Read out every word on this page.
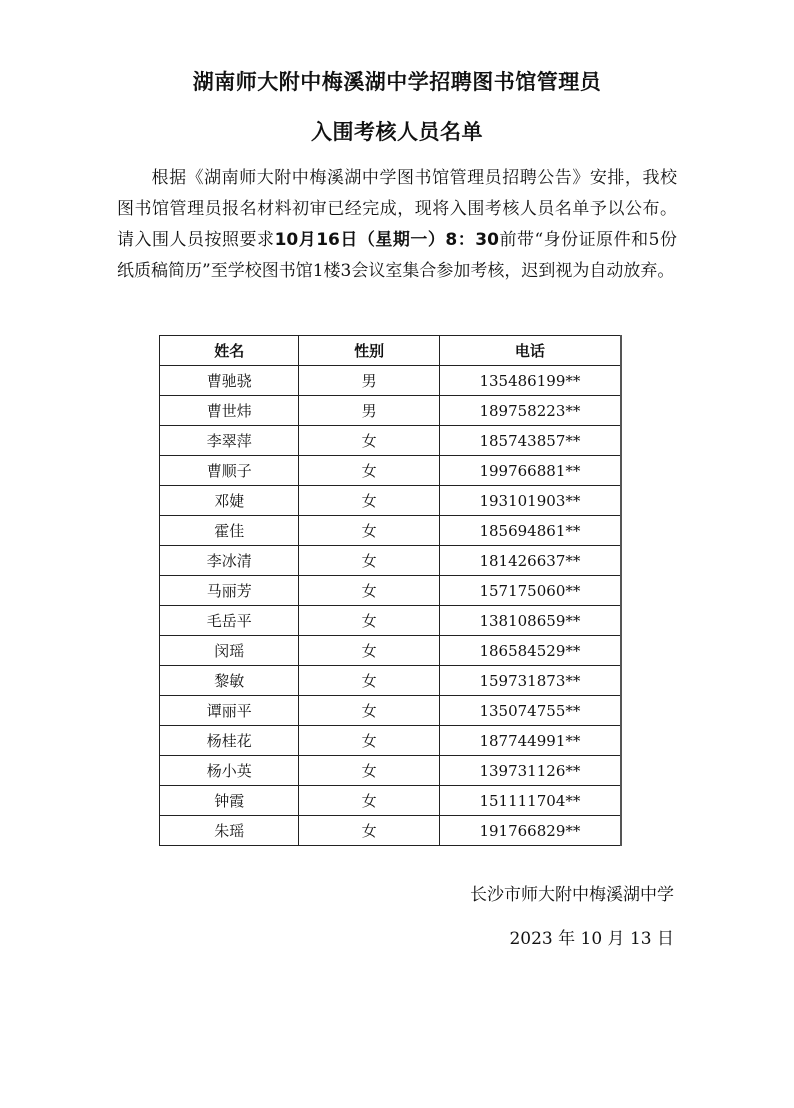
湖南师大附中梅溪湖中学招聘图书馆管理员
入围考核人员名单
根据《湖南师大附中梅溪湖中学图书馆管理员招聘公告》安排，我校图书馆管理员报名材料初审已经完成，现将入围考核人员名单予以公布。请入围人员按照要求10月16日（星期一）8：30前带“身份证原件和5份纸质稿简历”至学校图书馆1楼3会议室集合参加考核，迟到视为自动放弃。
姓名	性别	电话
曹驰骁	男	135486199**
曹世炜	男	189758223**
李翠萍	女	185743857**
曹顺子	女	199766881**
邓婕	女	193101903**
霍佳	女	185694861**
李冰清	女	181426637**
马丽芳	女	157175060**
毛岳平	女	138108659**
闵瑶	女	186584529**
黎敏	女	159731873**
谭丽平	女	135074755**
杨桂花	女	187744991**
杨小英	女	139731126**
钟霞	女	151111704**
朱瑶	女	191766829**
长沙市师大附中梅溪湖中学
2023 年 10 月 13 日
